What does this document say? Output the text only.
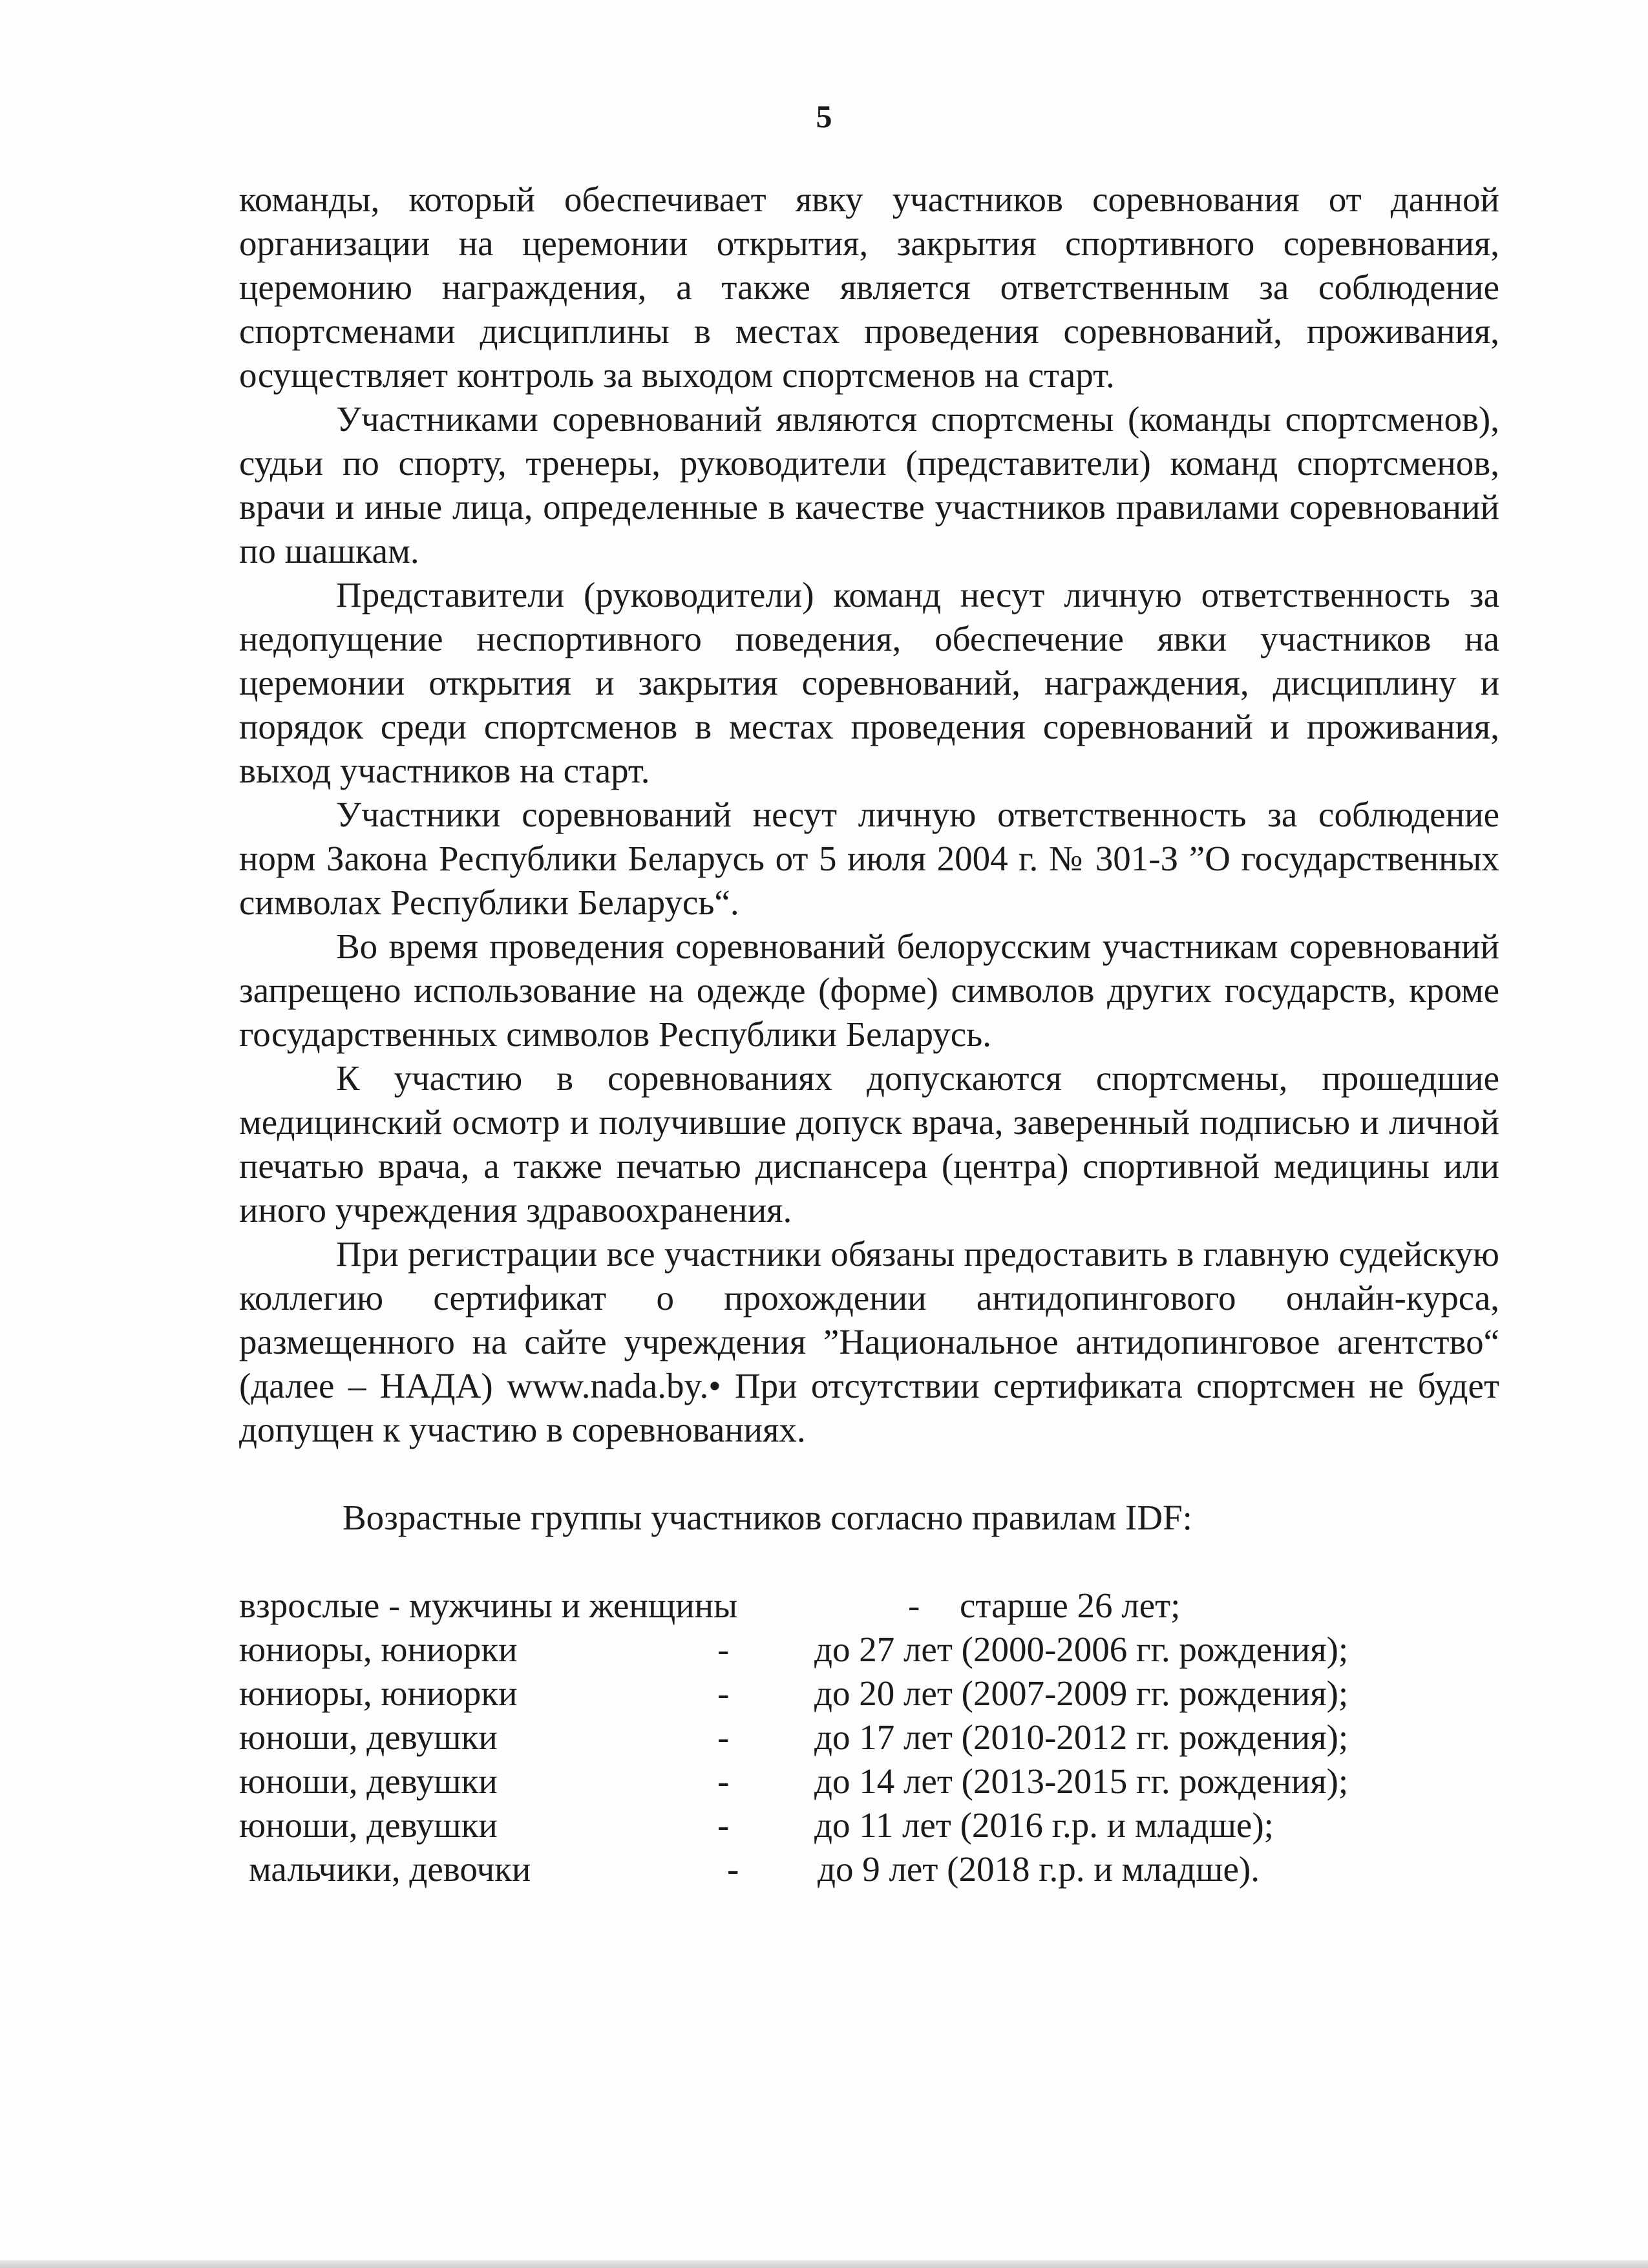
5

команды, который обеспечивает явку участников соревнования от данной организации на церемонии открытия, закрытия спортивного соревнования, церемонию награждения, а также является ответственным за соблюдение спортсменами дисциплины в местах проведения соревнований, проживания, осуществляет контроль за выходом спортсменов на старт.

Участниками соревнований являются спортсмены (команды спортсменов), судьи по спорту, тренеры, руководители (представители) команд спортсменов, врачи и иные лица, определенные в качестве участников правилами соревнований по шашкам.

Представители (руководители) команд несут личную ответственность за недопущение неспортивного поведения, обеспечение явки участников на церемонии открытия и закрытия соревнований, награждения, дисциплину и порядок среди спортсменов в местах проведения соревнований и проживания, выход участников на старт.

Участники соревнований несут личную ответственность за соблюдение норм Закона Республики Беларусь от 5 июля 2004 г. № 301-З ”О государственных символах Республики Беларусь“.

Во время проведения соревнований белорусским участникам соревнований запрещено использование на одежде (форме) символов других государств, кроме государственных символов Республики Беларусь.

К участию в соревнованиях допускаются спортсмены, прошедшие медицинский осмотр и получившие допуск врача, заверенный подписью и личной печатью врача, а также печатью диспансера (центра) спортивной медицины или иного учреждения здравоохранения.

При регистрации все участники обязаны предоставить в главную судейскую коллегию сертификат о прохождении антидопингового онлайн-курса, размещенного на сайте учреждения ”Национальное антидопинговое агентство“ (далее – НАДА) www.nada.by.• При отсутствии сертификата спортсмен не будет допущен к участию в соревнованиях.

Возрастные группы участников согласно правилам IDF:
взрослые - мужчины и женщины	- старше 26 лет;
юниоры, юниорки	- до 27 лет (2000-2006 гг. рождения);
юниоры, юниорки	- до 20 лет (2007-2009 гг. рождения);
юноши, девушки	- до 17 лет (2010-2012 гг. рождения);
юноши, девушки	- до 14 лет (2013-2015 гг. рождения);
юноши, девушки	- до 11 лет (2016 г.р. и младше);
мальчики, девочки	- до 9 лет (2018 г.р. и младше).
